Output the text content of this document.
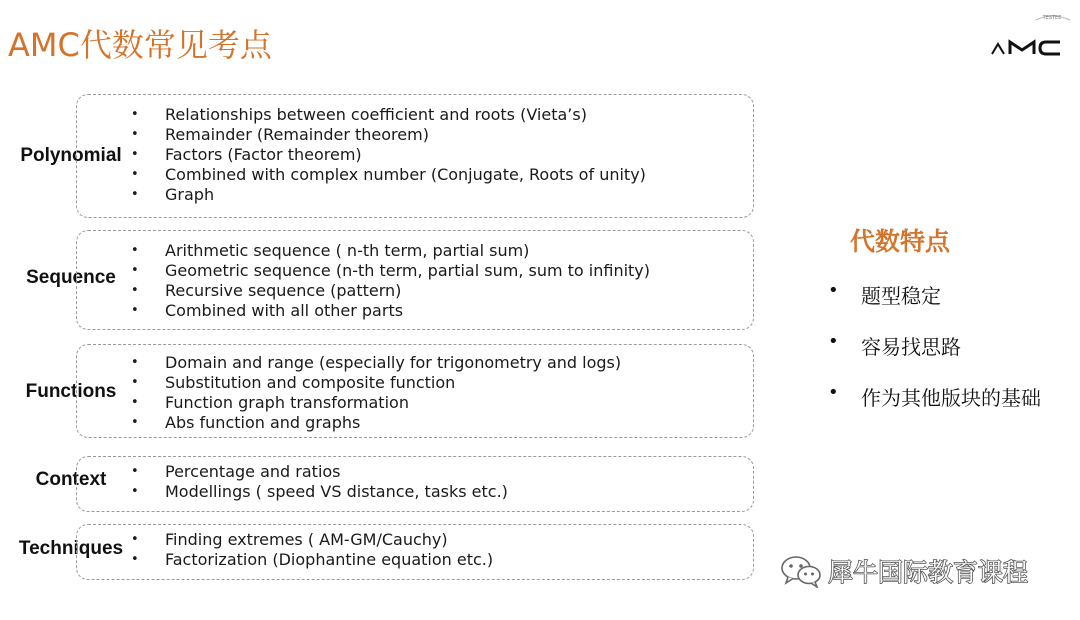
AMC代数常见考点
TESTEE
Polynomial
• Relationships between coefficient and roots (Vieta’s)
• Remainder (Remainder theorem)
• Factors (Factor theorem)
• Combined with complex number (Conjugate, Roots of unity)
• Graph
Sequence
• Arithmetic sequence ( n-th term, partial sum)
• Geometric sequence (n-th term, partial sum, sum to infinity)
• Recursive sequence (pattern)
• Combined with all other parts
Functions
• Domain and range (especially for trigonometry and logs)
• Substitution and composite function
• Function graph transformation
• Abs function and graphs
Context	• Percentage and ratios
• Modellings ( speed VS distance, tasks etc.)
Techniques	• Finding extremes ( AM-GM/Cauchy)
• Factorization (Diophantine equation etc.)
代数特点
• 题型稳定
• 容易找思路
• 作为其他版块的基础
犀牛国际教育课程
